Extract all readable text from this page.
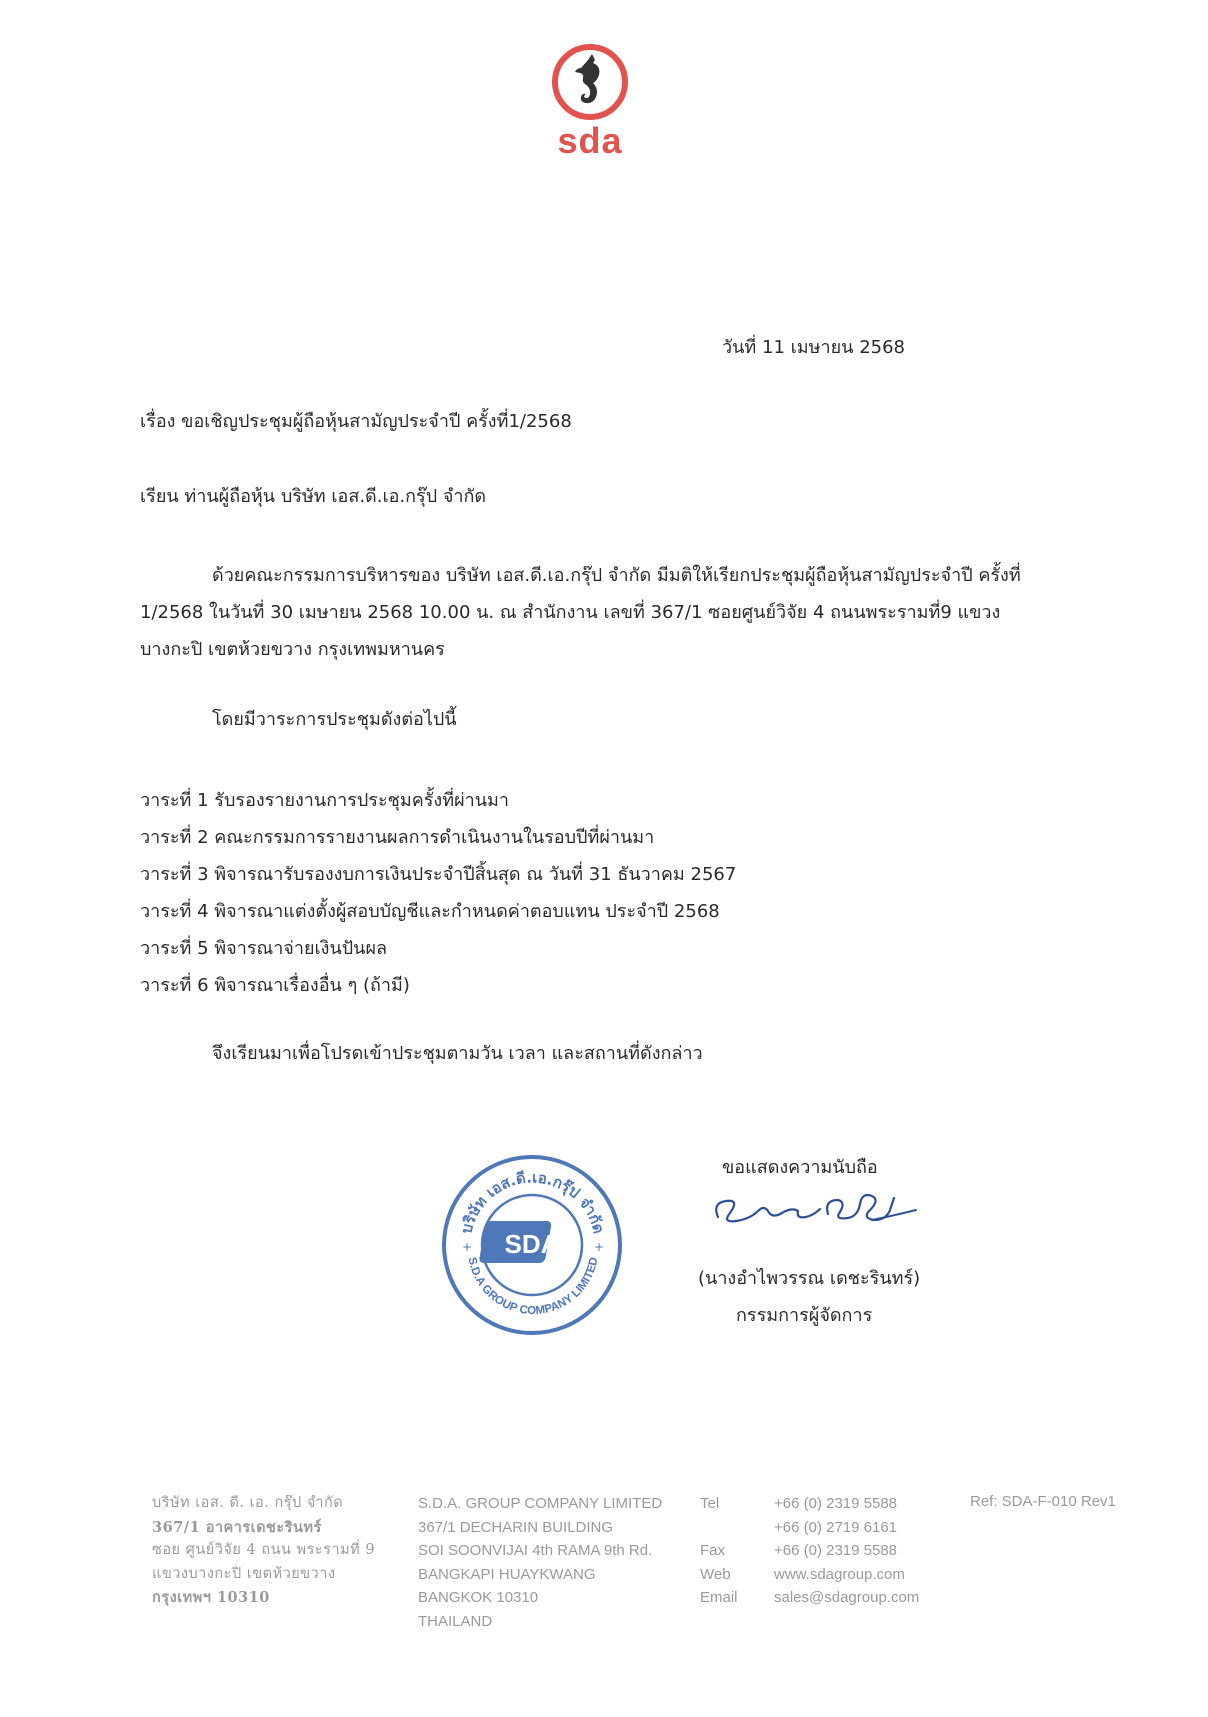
sda
วันที่ 11 เมษายน 2568
เรื่อง ขอเชิญประชุมผู้ถือหุ้นสามัญประจำปี ครั้งที่1/2568
เรียน ท่านผู้ถือหุ้น บริษัท เอส.ดี.เอ.กรุ๊ป จำกัด
ด้วยคณะกรรมการบริหารของ บริษัท เอส.ดี.เอ.กรุ๊ป จำกัด มีมติให้เรียกประชุมผู้ถือหุ้นสามัญประจำปี ครั้งที่ 1/2568 ในวันที่ 30 เมษายน 2568 10.00 น. ณ สำนักงาน เลขที่ 367/1 ซอยศูนย์วิจัย 4 ถนนพระรามที่9 แขวงบางกะปิ เขตห้วยขวาง กรุงเทพมหานคร
โดยมีวาระการประชุมดังต่อไปนี้
วาระที่ 1 รับรองรายงานการประชุมครั้งที่ผ่านมา
วาระที่ 2 คณะกรรมการรายงานผลการดำเนินงานในรอบปีที่ผ่านมา
วาระที่ 3 พิจารณารับรองงบการเงินประจำปีสิ้นสุด ณ วันที่ 31 ธันวาคม 2567
วาระที่ 4 พิจารณาแต่งตั้งผู้สอบบัญชีและกำหนดค่าตอบแทน ประจำปี 2568
วาระที่ 5 พิจารณาจ่ายเงินปันผล
วาระที่ 6 พิจารณาเรื่องอื่น ๆ (ถ้ามี)
จึงเรียนมาเพื่อโปรดเข้าประชุมตามวัน เวลา และสถานที่ดังกล่าว
บริษัท เอส.ดี.เอ.กรุ๊ป จำกัด
S.D.A GROUP COMPANY LIMITED
SDA
+	+
ขอแสดงความนับถือ
(นางอำไพวรรณ เดชะรินทร์)
กรรมการผู้จัดการ
บริษัท เอส. ดี. เอ. กรุ๊ป จำกัด
367/1 อาคารเดชะรินทร์
ซอย ศูนย์วิจัย 4 ถนน พระรามที่ 9
แขวงบางกะปิ เขตห้วยขวาง
กรุงเทพฯ 10310
S.D.A. GROUP COMPANY LIMITED
367/1 DECHARIN BUILDING
SOI SOONVIJAI 4th RAMA 9th Rd.
BANGKAPI HUAYKWANG
BANGKOK 10310
THAILAND
Tel
Fax
Web
Email
+66 (0) 2319 5588
+66 (0) 2719 6161
+66 (0) 2319 5588
www.sdagroup.com
sales@sdagroup.com
Ref: SDA-F-010 Rev1
